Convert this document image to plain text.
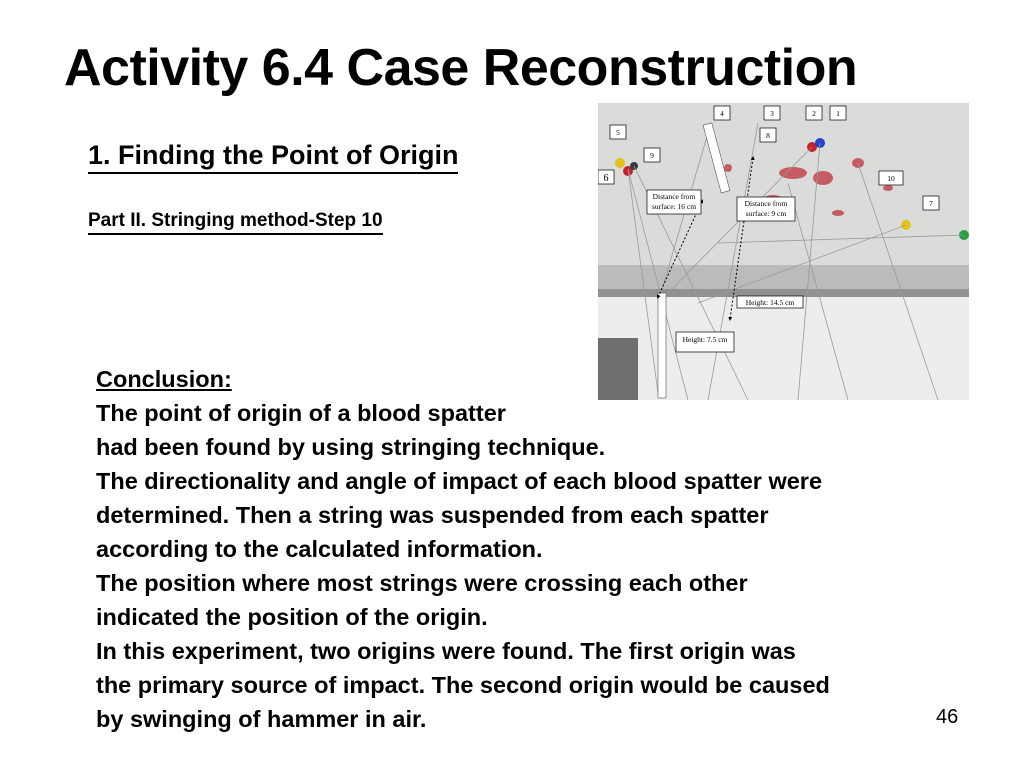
Activity 6.4 Case Reconstruction
1. Finding the Point of Origin
Part II. Stringing method-Step 10
4	3	2	1
5	8
9
6	10
7
Distance from
surface: 16 cm	Distance from
surface: 9 cm
Height: 14.5 cm
Height: 7.5 cm
Conclusion:
The point of origin of a blood spatter
had been found by using stringing technique.
The directionality and angle of impact of each blood spatter were
determined. Then a string was suspended from each spatter
according to the calculated information.
The position where most strings were crossing each other
indicated the position of the origin.
In this experiment, two origins were found. The first origin was
the primary source of impact. The second origin would be caused
by swinging of hammer in air.	46
